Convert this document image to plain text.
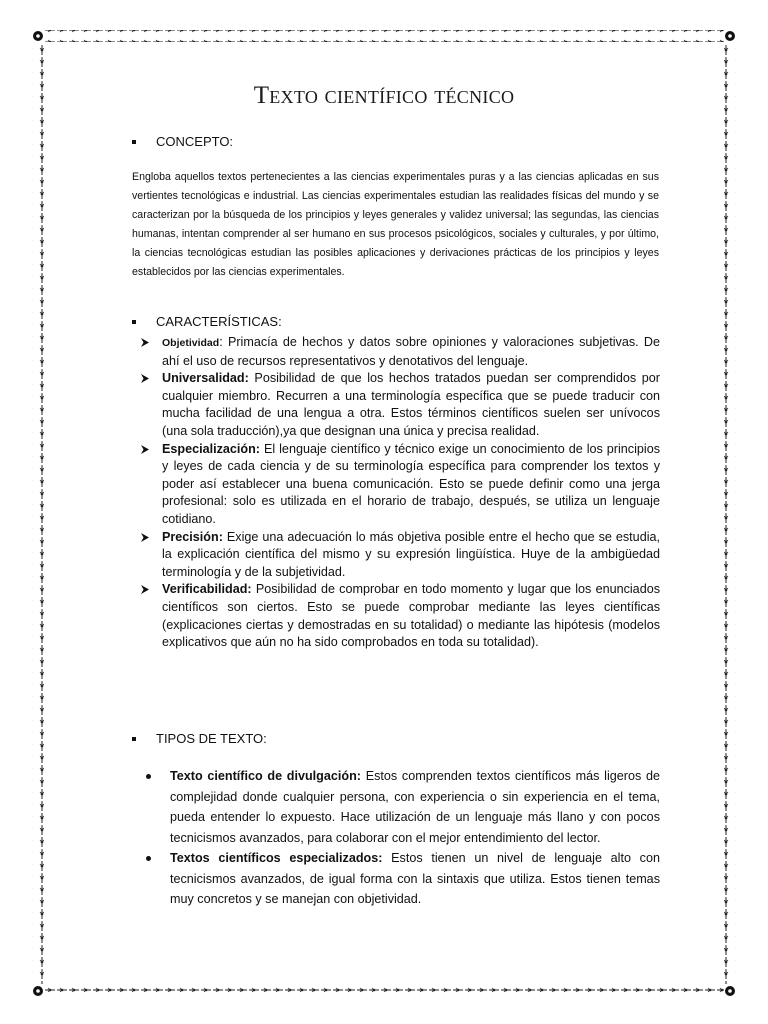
Texto científico técnico
CONCEPTO:
Engloba aquellos textos pertenecientes a las ciencias experimentales puras y a las ciencias aplicadas en sus vertientes tecnológicas e industrial. Las ciencias experimentales estudian las realidades físicas del mundo y se caracterizan por la búsqueda de los principios y leyes generales y validez universal; las segundas, las ciencias humanas, intentan comprender al ser humano en sus procesos psicológicos, sociales y culturales, y por último, la ciencias tecnológicas estudian las posibles aplicaciones y derivaciones prácticas de los principios y leyes establecidos por las ciencias experimentales.
CARACTERÍSTICAS:
Objetividad: Primacía de hechos y datos sobre opiniones y valoraciones subjetivas. De ahí el uso de recursos representativos y denotativos del lenguaje.
Universalidad: Posibilidad de que los hechos tratados puedan ser comprendidos por cualquier miembro. Recurren a una terminología específica que se puede traducir con mucha facilidad de una lengua a otra. Estos términos científicos suelen ser unívocos (una sola traducción),ya que designan una única y precisa realidad.
Especialización: El lenguaje científico y técnico exige un conocimiento de los principios y leyes de cada ciencia y de su terminología específica para comprender los textos y poder así establecer una buena comunicación. Esto se puede definir como una jerga profesional: solo es utilizada en el horario de trabajo, después, se utiliza un lenguaje cotidiano.
Precisión: Exige una adecuación lo más objetiva posible entre el hecho que se estudia, la explicación científica del mismo y su expresión lingüística. Huye de la ambigüedad terminología y de la subjetividad.
Verificabilidad: Posibilidad de comprobar en todo momento y lugar que los enunciados científicos son ciertos. Esto se puede comprobar mediante las leyes científicas (explicaciones ciertas y demostradas en su totalidad) o mediante las hipótesis (modelos explicativos que aún no ha sido comprobados en toda su totalidad).
TIPOS DE TEXTO:
Texto científico de divulgación: Estos comprenden textos científicos más ligeros de complejidad donde cualquier persona, con experiencia o sin experiencia en el tema, pueda entender lo expuesto. Hace utilización de un lenguaje más llano y con pocos tecnicismos avanzados, para colaborar con el mejor entendimiento del lector.
Textos científicos especializados: Estos tienen un nivel de lenguaje alto con tecnicismos avanzados, de igual forma con la sintaxis que utiliza. Estos tienen temas muy concretos y se manejan con objetividad.
